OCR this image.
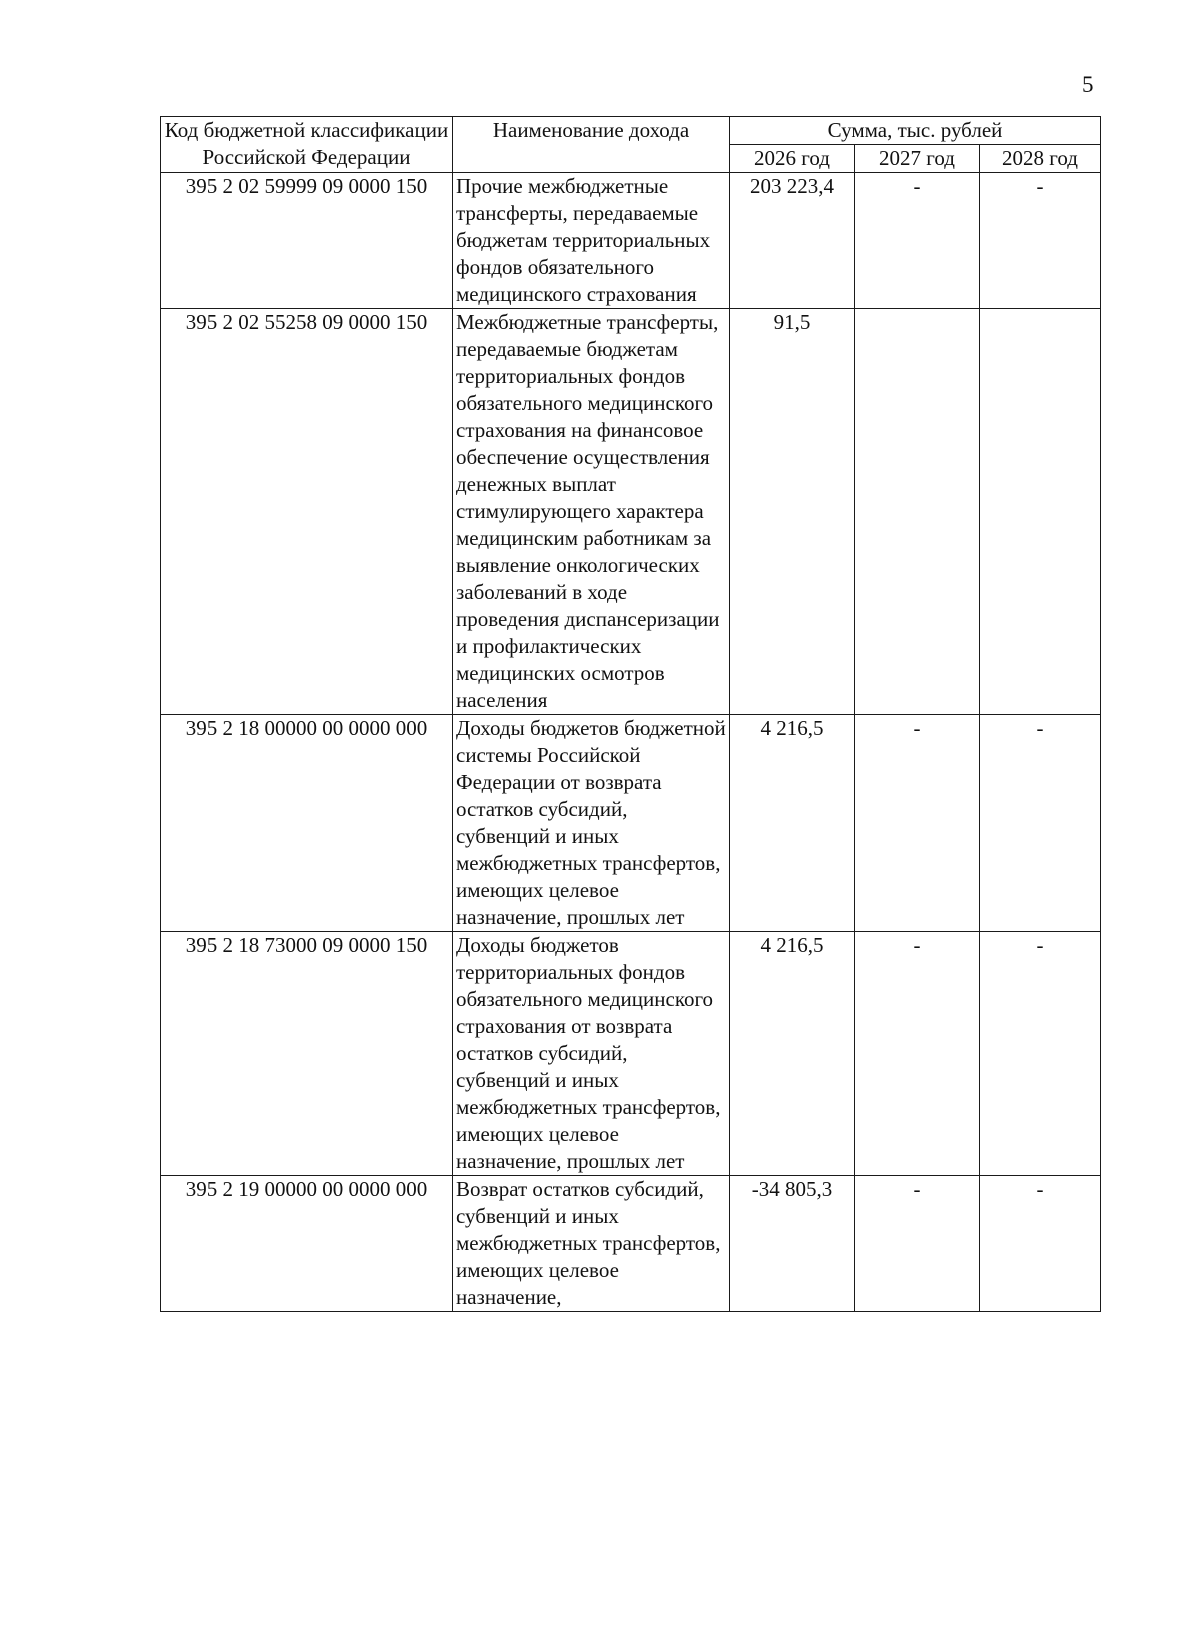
5
Код бюджетной классификации Российской Федерации	Наименование дохода	Сумма, тыс. рублей		
		2026 год	2027 год	2028 год
395 2 02 59999 09 0000 150	Прочие межбюджетные трансферты, передаваемые бюджетам территориальных фондов обязательного медицинского страхования	203 223,4	-	-
395 2 02 55258 09 0000 150	Межбюджетные трансферты, передаваемые бюджетам территориальных фондов обязательного медицинского страхования на финансовое обеспечение осуществления денежных выплат стимулирующего характера медицинским работникам за выявление онкологических заболеваний в ходе проведения диспансеризации и профилактических медицинских осмотров населения	91,5		
395 2 18 00000 00 0000 000	Доходы бюджетов бюджетной системы Российской Федерации от возврата остатков субсидий, субвенций и иных межбюджетных трансфертов, имеющих целевое назначение, прошлых лет	4 216,5	-	-
395 2 18 73000 09 0000 150	Доходы бюджетов территориальных фондов обязательного медицинского страхования от возврата остатков субсидий, субвенций и иных межбюджетных трансфертов, имеющих целевое назначение, прошлых лет	4 216,5	-	-
395 2 19 00000 00 0000 000	Возврат остатков субсидий, субвенций и иных межбюджетных трансфертов, имеющих целевое назначение,	-34 805,3	-	-
